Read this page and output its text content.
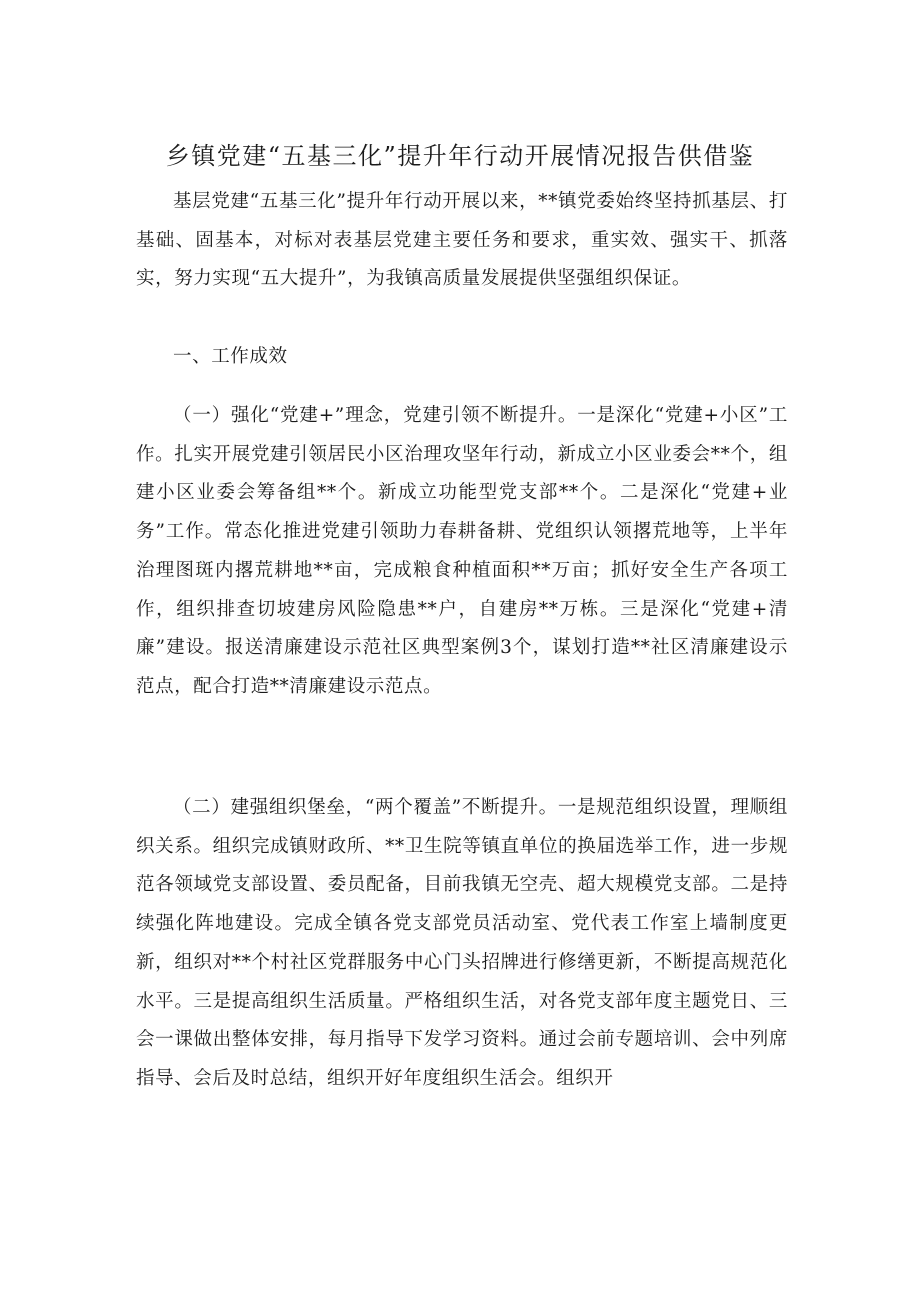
乡镇党建“五基三化”提升年行动开展情况报告供借鉴

基层党建“五基三化”提升年行动开展以来，**镇党委始终坚持抓基层、打基础、固基本，对标对表基层党建主要任务和要求，重实效、强实干、抓落实，努力实现“五大提升”，为我镇高质量发展提供坚强组织保证。

一、工作成效

（一）强化“党建+”理念，党建引领不断提升。一是深化“党建+小区”工作。扎实开展党建引领居民小区治理攻坚年行动，新成立小区业委会**个，组建小区业委会筹备组**个。新成立功能型党支部**个。二是深化“党建+业务”工作。常态化推进党建引领助力春耕备耕、党组织认领撂荒地等，上半年治理图斑内撂荒耕地**亩，完成粮食种植面积**万亩；抓好安全生产各项工作，组织排查切坡建房风险隐患**户，自建房**万栋。三是深化“党建+清廉”建设。报送清廉建设示范社区典型案例3个，谋划打造**社区清廉建设示范点，配合打造**清廉建设示范点。

（二）建强组织堡垒，“两个覆盖”不断提升。一是规范组织设置，理顺组织关系。组织完成镇财政所、**卫生院等镇直单位的换届选举工作，进一步规范各领域党支部设置、委员配备，目前我镇无空壳、超大规模党支部。二是持续强化阵地建设。完成全镇各党支部党员活动室、党代表工作室上墙制度更新，组织对**个村社区党群服务中心门头招牌进行修缮更新，不断提高规范化水平。三是提高组织生活质量。严格组织生活，对各党支部年度主题党日、三会一课做出整体安排，每月指导下发学习资料。通过会前专题培训、会中列席指导、会后及时总结，组织开好年度组织生活会。组织开
